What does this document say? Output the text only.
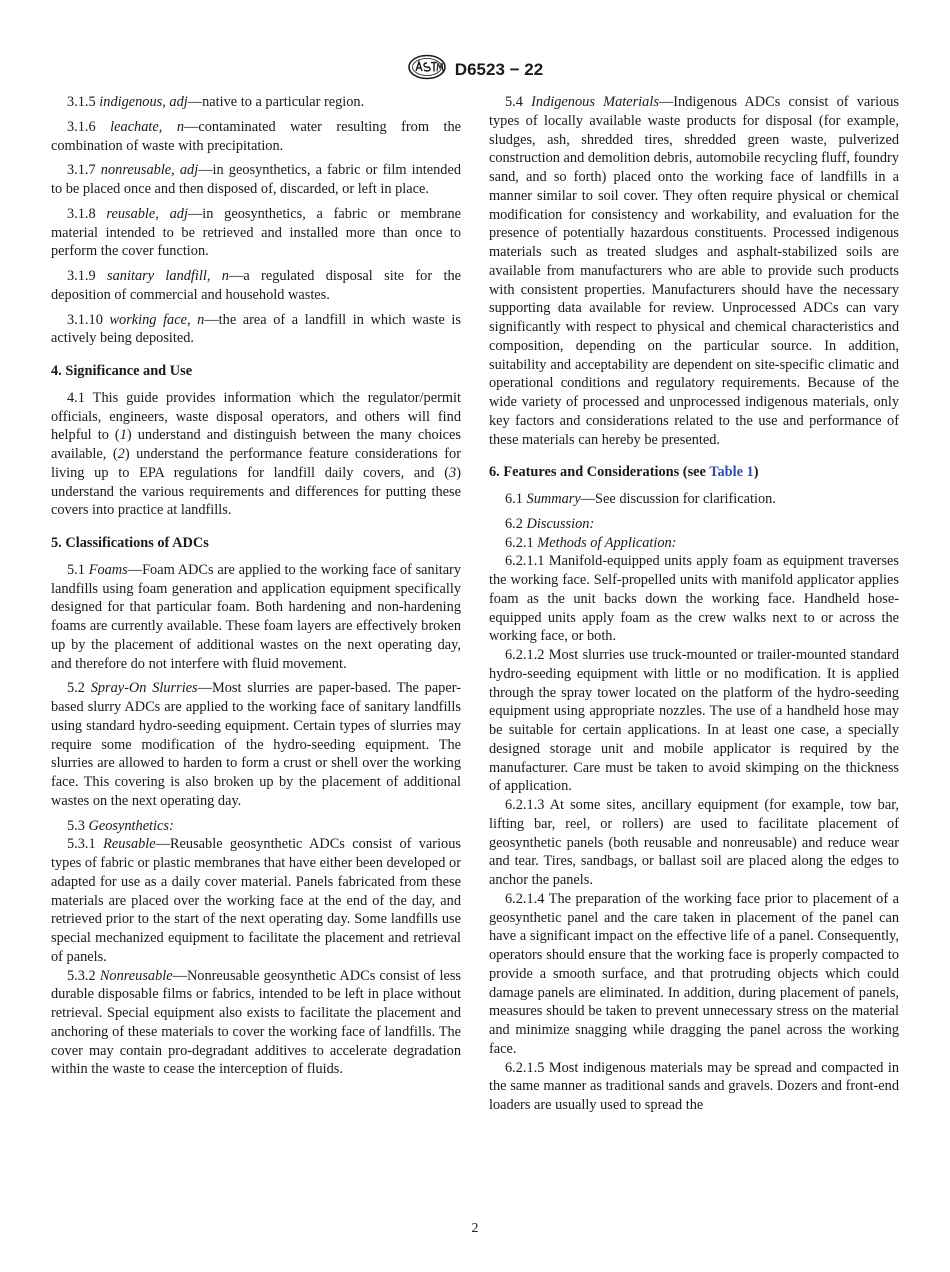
D6523 − 22

3.1.5 indigenous, adj—native to a particular region.

3.1.6 leachate, n—contaminated water resulting from the combination of waste with precipitation.

3.1.7 nonreusable, adj—in geosynthetics, a fabric or film intended to be placed once and then disposed of, discarded, or left in place.

3.1.8 reusable, adj—in geosynthetics, a fabric or membrane material intended to be retrieved and installed more than once to perform the cover function.

3.1.9 sanitary landfill, n—a regulated disposal site for the deposition of commercial and household wastes.

3.1.10 working face, n—the area of a landfill in which waste is actively being deposited.

4. Significance and Use

4.1 This guide provides information which the regulator/permit officials, engineers, waste disposal operators, and others will find helpful to (1) understand and distinguish between the many choices available, (2) understand the performance feature considerations for living up to EPA regulations for landfill daily covers, and (3) understand the various requirements and differences for putting these covers into practice at landfills.

5. Classifications of ADCs

5.1 Foams—Foam ADCs are applied to the working face of sanitary landfills using foam generation and application equipment specifically designed for that particular foam. Both hardening and non-hardening foams are currently available. These foam layers are effectively broken up by the placement of additional wastes on the next operating day, and therefore do not interfere with fluid movement.

5.2 Spray-On Slurries—Most slurries are paper-based. The paper-based slurry ADCs are applied to the working face of sanitary landfills using standard hydro-seeding equipment. Certain types of slurries may require some modification of the hydro-seeding equipment. The slurries are allowed to harden to form a crust or shell over the working face. This covering is also broken up by the placement of additional wastes on the next operating day.

5.3 Geosynthetics:

5.3.1 Reusable—Reusable geosynthetic ADCs consist of various types of fabric or plastic membranes that have either been developed or adapted for use as a daily cover material. Panels fabricated from these materials are placed over the working face at the end of the day, and retrieved prior to the start of the next operating day. Some landfills use special mechanized equipment to facilitate the placement and retrieval of panels.

5.3.2 Nonreusable—Nonreusable geosynthetic ADCs consist of less durable disposable films or fabrics, intended to be left in place without retrieval. Special equipment also exists to facilitate the placement and anchoring of these materials to cover the working face of landfills. The cover may contain pro-degradant additives to accelerate degradation within the waste to cease the interception of fluids.

5.4 Indigenous Materials—Indigenous ADCs consist of various types of locally available waste products for disposal (for example, sludges, ash, shredded tires, shredded green waste, pulverized construction and demolition debris, automobile recycling fluff, foundry sand, and so forth) placed onto the working face of landfills in a manner similar to soil cover. They often require physical or chemical modification for consistency and workability, and evaluation for the presence of potentially hazardous constituents. Processed indigenous materials such as treated sludges and asphalt-stabilized soils are available from manufacturers who are able to provide such products with consistent properties. Manufacturers should have the necessary supporting data available for review. Unprocessed ADCs can vary significantly with respect to physical and chemical characteristics and composition, depending on the particular source. In addition, suitability and acceptability are dependent on site-specific climatic and operational conditions and regulatory requirements. Because of the wide variety of processed and unprocessed indigenous materials, only key factors and considerations related to the use and performance of these materials can hereby be presented.

6. Features and Considerations (see Table 1)

6.1 Summary—See discussion for clarification.

6.2 Discussion:

6.2.1 Methods of Application:

6.2.1.1 Manifold-equipped units apply foam as equipment traverses the working face. Self-propelled units with manifold applicator applies foam as the unit backs down the working face. Handheld hose-equipped units apply foam as the crew walks next to or across the working face, or both.

6.2.1.2 Most slurries use truck-mounted or trailer-mounted standard hydro-seeding equipment with little or no modification. It is applied through the spray tower located on the platform of the hydro-seeding equipment using appropriate nozzles. The use of a handheld hose may be suitable for certain applications. In at least one case, a specially designed storage unit and mobile applicator is required by the manufacturer. Care must be taken to avoid skimping on the thickness of application.

6.2.1.3 At some sites, ancillary equipment (for example, tow bar, lifting bar, reel, or rollers) are used to facilitate placement of geosynthetic panels (both reusable and nonreusable) and reduce wear and tear. Tires, sandbags, or ballast soil are placed along the edges to anchor the panels.

6.2.1.4 The preparation of the working face prior to placement of a geosynthetic panel and the care taken in placement of the panel can have a significant impact on the effective life of a panel. Consequently, operators should ensure that the working face is properly compacted to provide a smooth surface, and that protruding objects which could damage panels are eliminated. In addition, during placement of panels, measures should be taken to prevent unnecessary stress on the material and minimize snagging while dragging the panel across the working face.

6.2.1.5 Most indigenous materials may be spread and compacted in the same manner as traditional sands and gravels. Dozers and front-end loaders are usually used to spread the

2
